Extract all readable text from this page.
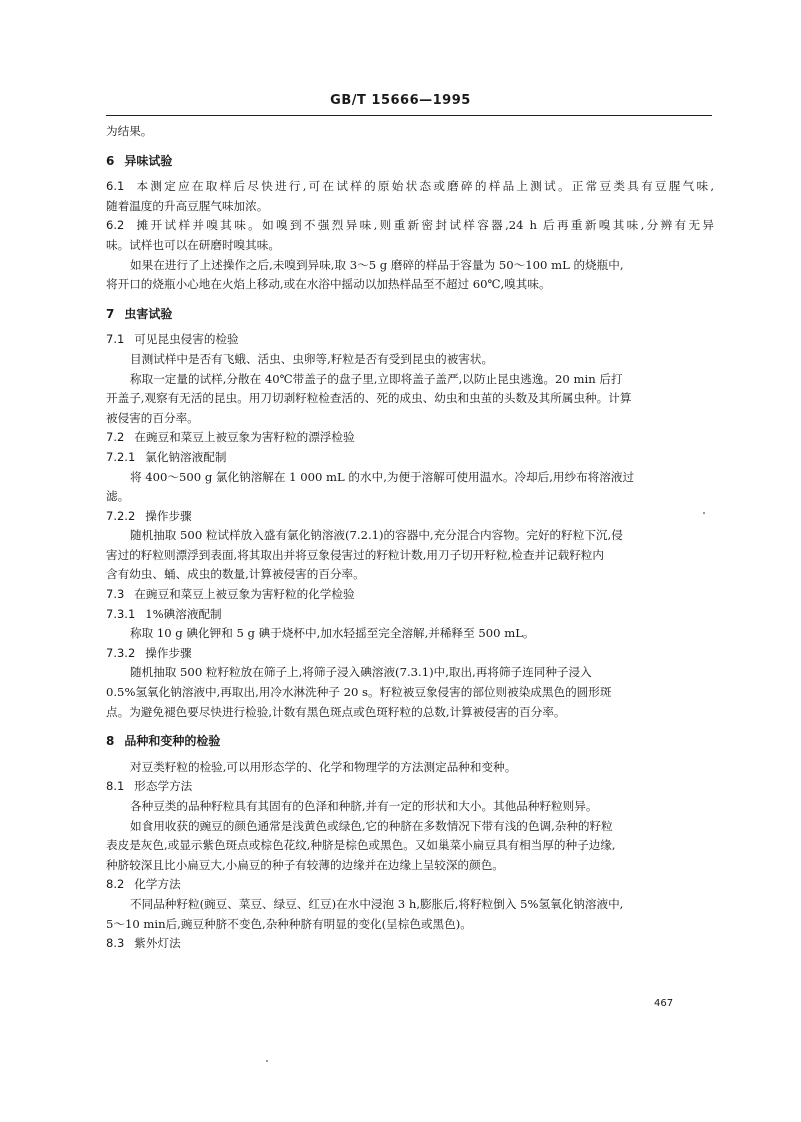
GB/T 15666—1995
为结果。
6 异味试验
6.1 本测定应在取样后尽快进行,可在试样的原始状态或磨碎的样品上测试。正常豆类具有豆腥气味,
随着温度的升高豆腥气味加浓。
6.2 摊开试样并嗅其味。如嗅到不强烈异味,则重新密封试样容器,24 h 后再重新嗅其味,分辨有无异
味。试样也可以在研磨时嗅其味。
如果在进行了上述操作之后,未嗅到异味,取 3～5 g 磨碎的样品于容量为 50～100 mL 的烧瓶中,
将开口的烧瓶小心地在火焰上移动,或在水浴中摇动以加热样品至不超过 60℃,嗅其味。
7 虫害试验
7.1 可见昆虫侵害的检验
目测试样中是否有飞蛾、活虫、虫卵等,籽粒是否有受到昆虫的被害状。
称取一定量的试样,分散在 40℃带盖子的盘子里,立即将盖子盖严,以防止昆虫逃逸。20 min 后打
开盖子,观察有无活的昆虫。用刀切剥籽粒检查活的、死的成虫、幼虫和虫茧的头数及其所属虫种。计算
被侵害的百分率。
7.2 在豌豆和菜豆上被豆象为害籽粒的漂浮检验
7.2.1 氯化钠溶液配制
将 400～500 g 氯化钠溶解在 1 000 mL 的水中,为便于溶解可使用温水。冷却后,用纱布将溶液过
滤。
7.2.2 操作步骤
随机抽取 500 粒试样放入盛有氯化钠溶液(7.2.1)的容器中,充分混合内容物。完好的籽粒下沉,侵
害过的籽粒则漂浮到表面,将其取出并将豆象侵害过的籽粒计数,用刀子切开籽粒,检查并记载籽粒内
含有幼虫、蛹、成虫的数量,计算被侵害的百分率。
7.3 在豌豆和菜豆上被豆象为害籽粒的化学检验
7.3.1 1%碘溶液配制
称取 10 g 碘化钾和 5 g 碘于烧杯中,加水轻摇至完全溶解,并稀释至 500 mL。
7.3.2 操作步骤
随机抽取 500 粒籽粒放在筛子上,将筛子浸入碘溶液(7.3.1)中,取出,再将筛子连同种子浸入
0.5%氢氧化钠溶液中,再取出,用冷水淋洗种子 20 s。籽粒被豆象侵害的部位则被染成黑色的圆形斑
点。为避免褪色要尽快进行检验,计数有黑色斑点或色斑籽粒的总数,计算被侵害的百分率。
8 品种和变种的检验
对豆类籽粒的检验,可以用形态学的、化学和物理学的方法测定品种和变种。
8.1 形态学方法
各种豆类的品种籽粒具有其固有的色泽和种脐,并有一定的形状和大小。其他品种籽粒则异。
如食用收获的豌豆的颜色通常是浅黄色或绿色,它的种脐在多数情况下带有浅的色调,杂种的籽粒
表皮是灰色,或显示紫色斑点或棕色花纹,种脐是棕色或黑色。又如巢菜小扁豆具有相当厚的种子边缘,
种脐较深且比小扁豆大,小扁豆的种子有较薄的边缘并在边缘上呈较深的颜色。
8.2 化学方法
不同品种籽粒(豌豆、菜豆、绿豆、红豆)在水中浸泡 3 h,膨胀后,将籽粒倒入 5%氢氧化钠溶液中,
5～10 min后,豌豆种脐不变色,杂种种脐有明显的变化(呈棕色或黑色)。
8.3 紫外灯法
467
